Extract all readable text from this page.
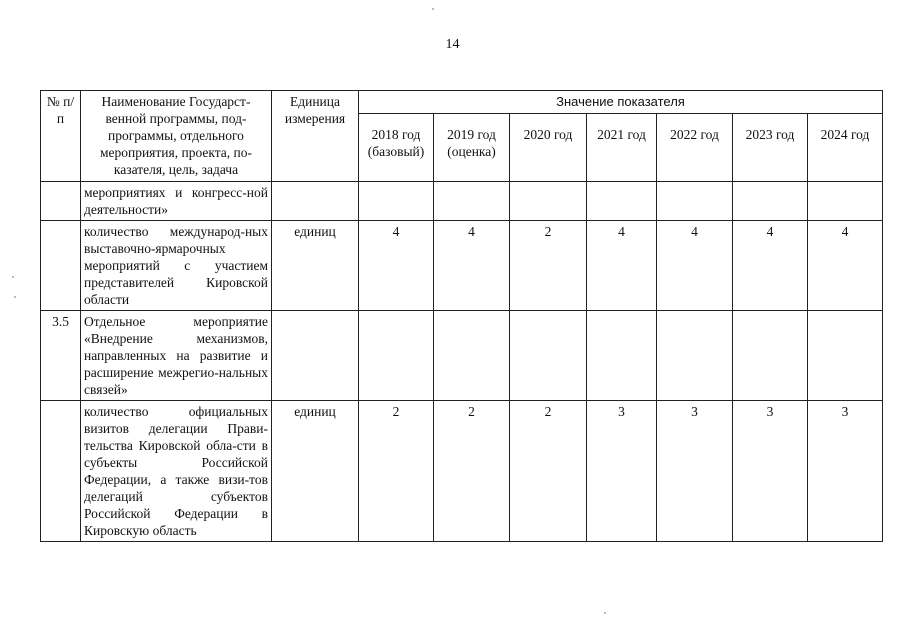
14
№ п/п	Наименование Государст-венной программы, под-программы, отдельного мероприятия, проекта, по-казателя, цель, задача	Единица измерения	Значение показателя						
			2018 год (базовый)	2019 год (оценка)	2020 год	2021 год	2022 год	2023 год	2024 год
	мероприятиях и конгресс-ной деятельности»								
	количество международ-ных выставочно-ярмарочных мероприятий с участием представителей Кировской области	единиц	4	4	2	4	4	4	4
3.5	Отдельное мероприятие «Внедрение механизмов, направленных на развитие и расширение межрегио-нальных связей»								
	количество официальных визитов делегации Прави-тельства Кировской обла-сти в субъекты Российской Федерации, а также визи-тов делегаций субъектов Российской Федерации в Кировскую область	единиц	2	2	2	3	3	3	3
